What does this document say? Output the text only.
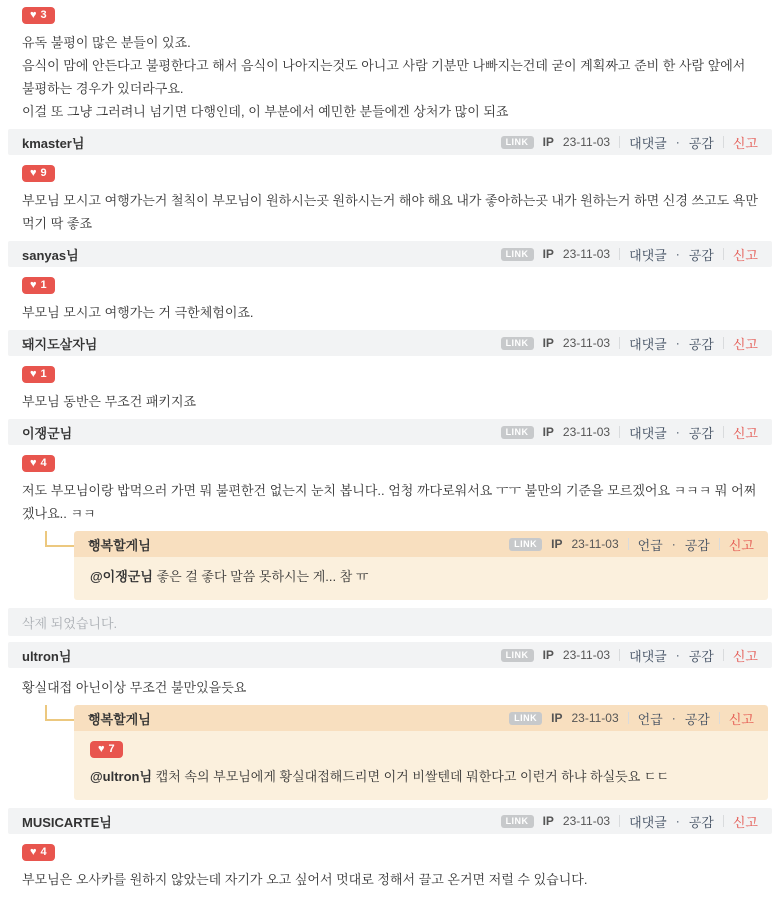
♥ 3

유독 불평이 많은 분들이 있죠.

음식이 맘에 안든다고 불평한다고 해서 음식이 나아지는것도 아니고 사람 기분만 나빠지는건데 굳이 계획짜고 준비 한 사람 앞에서 불평하는 경우가 있더라구요.

이걸 또 그냥 그러려니 넘기면 다행인데, 이 부분에서 예민한 분들에겐 상처가 많이 되죠

kmaster님	LINK	IP 23-11-03 대댓글 · 공감 신고
♥ 9

부모님 모시고 여행가는거 철칙이 부모님이 원하시는곳 원하시는거 해야 해요 내가 좋아하는곳 내가 원하는거 하면 신경 쓰고도 욕만 먹기 딱 좋죠

sanyas님	LINK	IP 23-11-03 대댓글 · 공감 신고
♥ 1

부모님 모시고 여행가는 거 극한체험이죠.

돼지도살자님	LINK	IP 23-11-03 대댓글 · 공감 신고
♥ 1

부모님 동반은 무조건 패키지죠

이쟁군님	LINK	IP 23-11-03 대댓글 · 공감 신고
♥ 4

저도 부모님이랑 밥먹으러 가면 뭐 불편한건 없는지 눈치 봅니다.. 엄청 까다로워서요 ㅜㅜ 불만의 기준을 모르겠어요 ㅋㅋㅋ 뭐 어쩌겠나요.. ㅋㅋ

행복할게님	LINK	IP 23-11-03 언급 · 공감 신고

@이쟁군님 좋은 걸 좋다 말씀 못하시는 게... 참 ㅠ

삭제 되었습니다.
ultron님	LINK	IP 23-11-03 대댓글 · 공감 신고

황실대접 아닌이상 무조건 불만있을듯요

행복할게님	LINK	IP 23-11-03 언급 · 공감 신고
♥ 7

@ultron님 캡처 속의 부모님에게 황실대접해드리면 이거 비쌀텐데 뭐한다고 이런거 하냐 하실듯요 ㄷㄷ

MUSICARTE님	LINK	IP 23-11-03 대댓글 · 공감 신고
♥ 4

부모님은 오사카를 원하지 않았는데 자기가 오고 싶어서 멋대로 정해서 끌고 온거면 저럴 수 있습니다.
